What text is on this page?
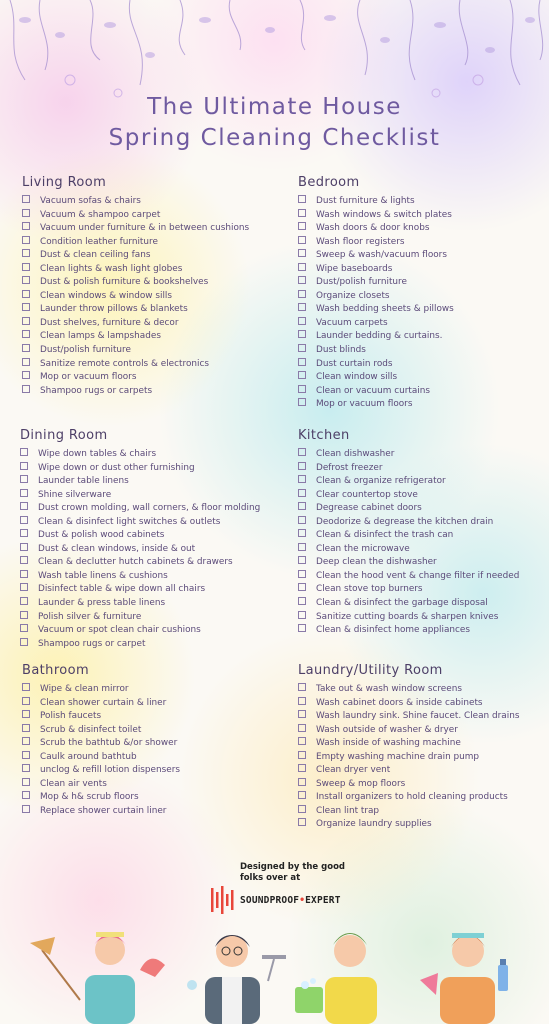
The Ultimate House
Spring Cleaning Checklist
Living Room
Vacuum sofas & chairs
Vacuum & shampoo carpet
Vacuum under furniture & in between cushions
Condition leather furniture
Dust & clean ceiling fans
Clean lights & wash light globes
Dust & polish furniture & bookshelves
Clean windows & window sills
Launder throw pillows & blankets
Dust shelves, furniture & decor
Clean lamps & lampshades
Dust/polish furniture
Sanitize remote controls & electronics
Mop or vacuum floors
Shampoo rugs or carpets
Bedroom
Dust furniture & lights
Wash windows & switch plates
Wash doors & door knobs
Wash floor registers
Sweep & wash/vacuum floors
Wipe baseboards
Dust/polish furniture
Organize closets
Wash bedding sheets & pillows
Vacuum carpets
Launder bedding & curtains.
Dust blinds
Dust curtain rods
Clean window sills
Clean or vacuum curtains
Mop or vacuum floors
Dining Room
Wipe down tables & chairs
Wipe down or dust other furnishing
Launder table linens
Shine silverware
Dust crown molding, wall corners, & floor molding
Clean & disinfect light switches & outlets
Dust & polish wood cabinets
Dust & clean windows, inside & out
Clean & declutter hutch cabinets & drawers
Wash table linens & cushions
Disinfect table & wipe down all chairs
Launder & press table linens
Polish silver & furniture
Vacuum or spot clean chair cushions
Shampoo rugs or carpet
Kitchen
Clean dishwasher
Defrost freezer
Clean & organize refrigerator
Clear countertop stove
Degrease cabinet doors
Deodorize & degrease the kitchen drain
Clean & disinfect the trash can
Clean the microwave
Deep clean the dishwasher
Clean the hood vent & change filter if needed
Clean stove top burners
Clean & disinfect the garbage disposal
Sanitize cutting boards & sharpen knives
Clean & disinfect home appliances
Bathroom
Wipe & clean mirror
Clean shower curtain & liner
Polish faucets
Scrub & disinfect toilet
Scrub the bathtub &/or shower
Caulk around bathtub
unclog & refill lotion dispensers
Clean air vents
Mop & h& scrub floors
Replace shower curtain liner
Laundry/Utility Room
Take out & wash window screens
Wash cabinet doors & inside cabinets
Wash laundry sink. Shine faucet. Clean drains
Wash outside of washer & dryer
Wash inside of washing machine
Empty washing machine drain pump
Clean dryer vent
Sweep & mop floors
Install organizers to hold cleaning products
Clean lint trap
Organize laundry supplies
Designed by the good
folks over at
SOUNDPROOF•EXPERT
